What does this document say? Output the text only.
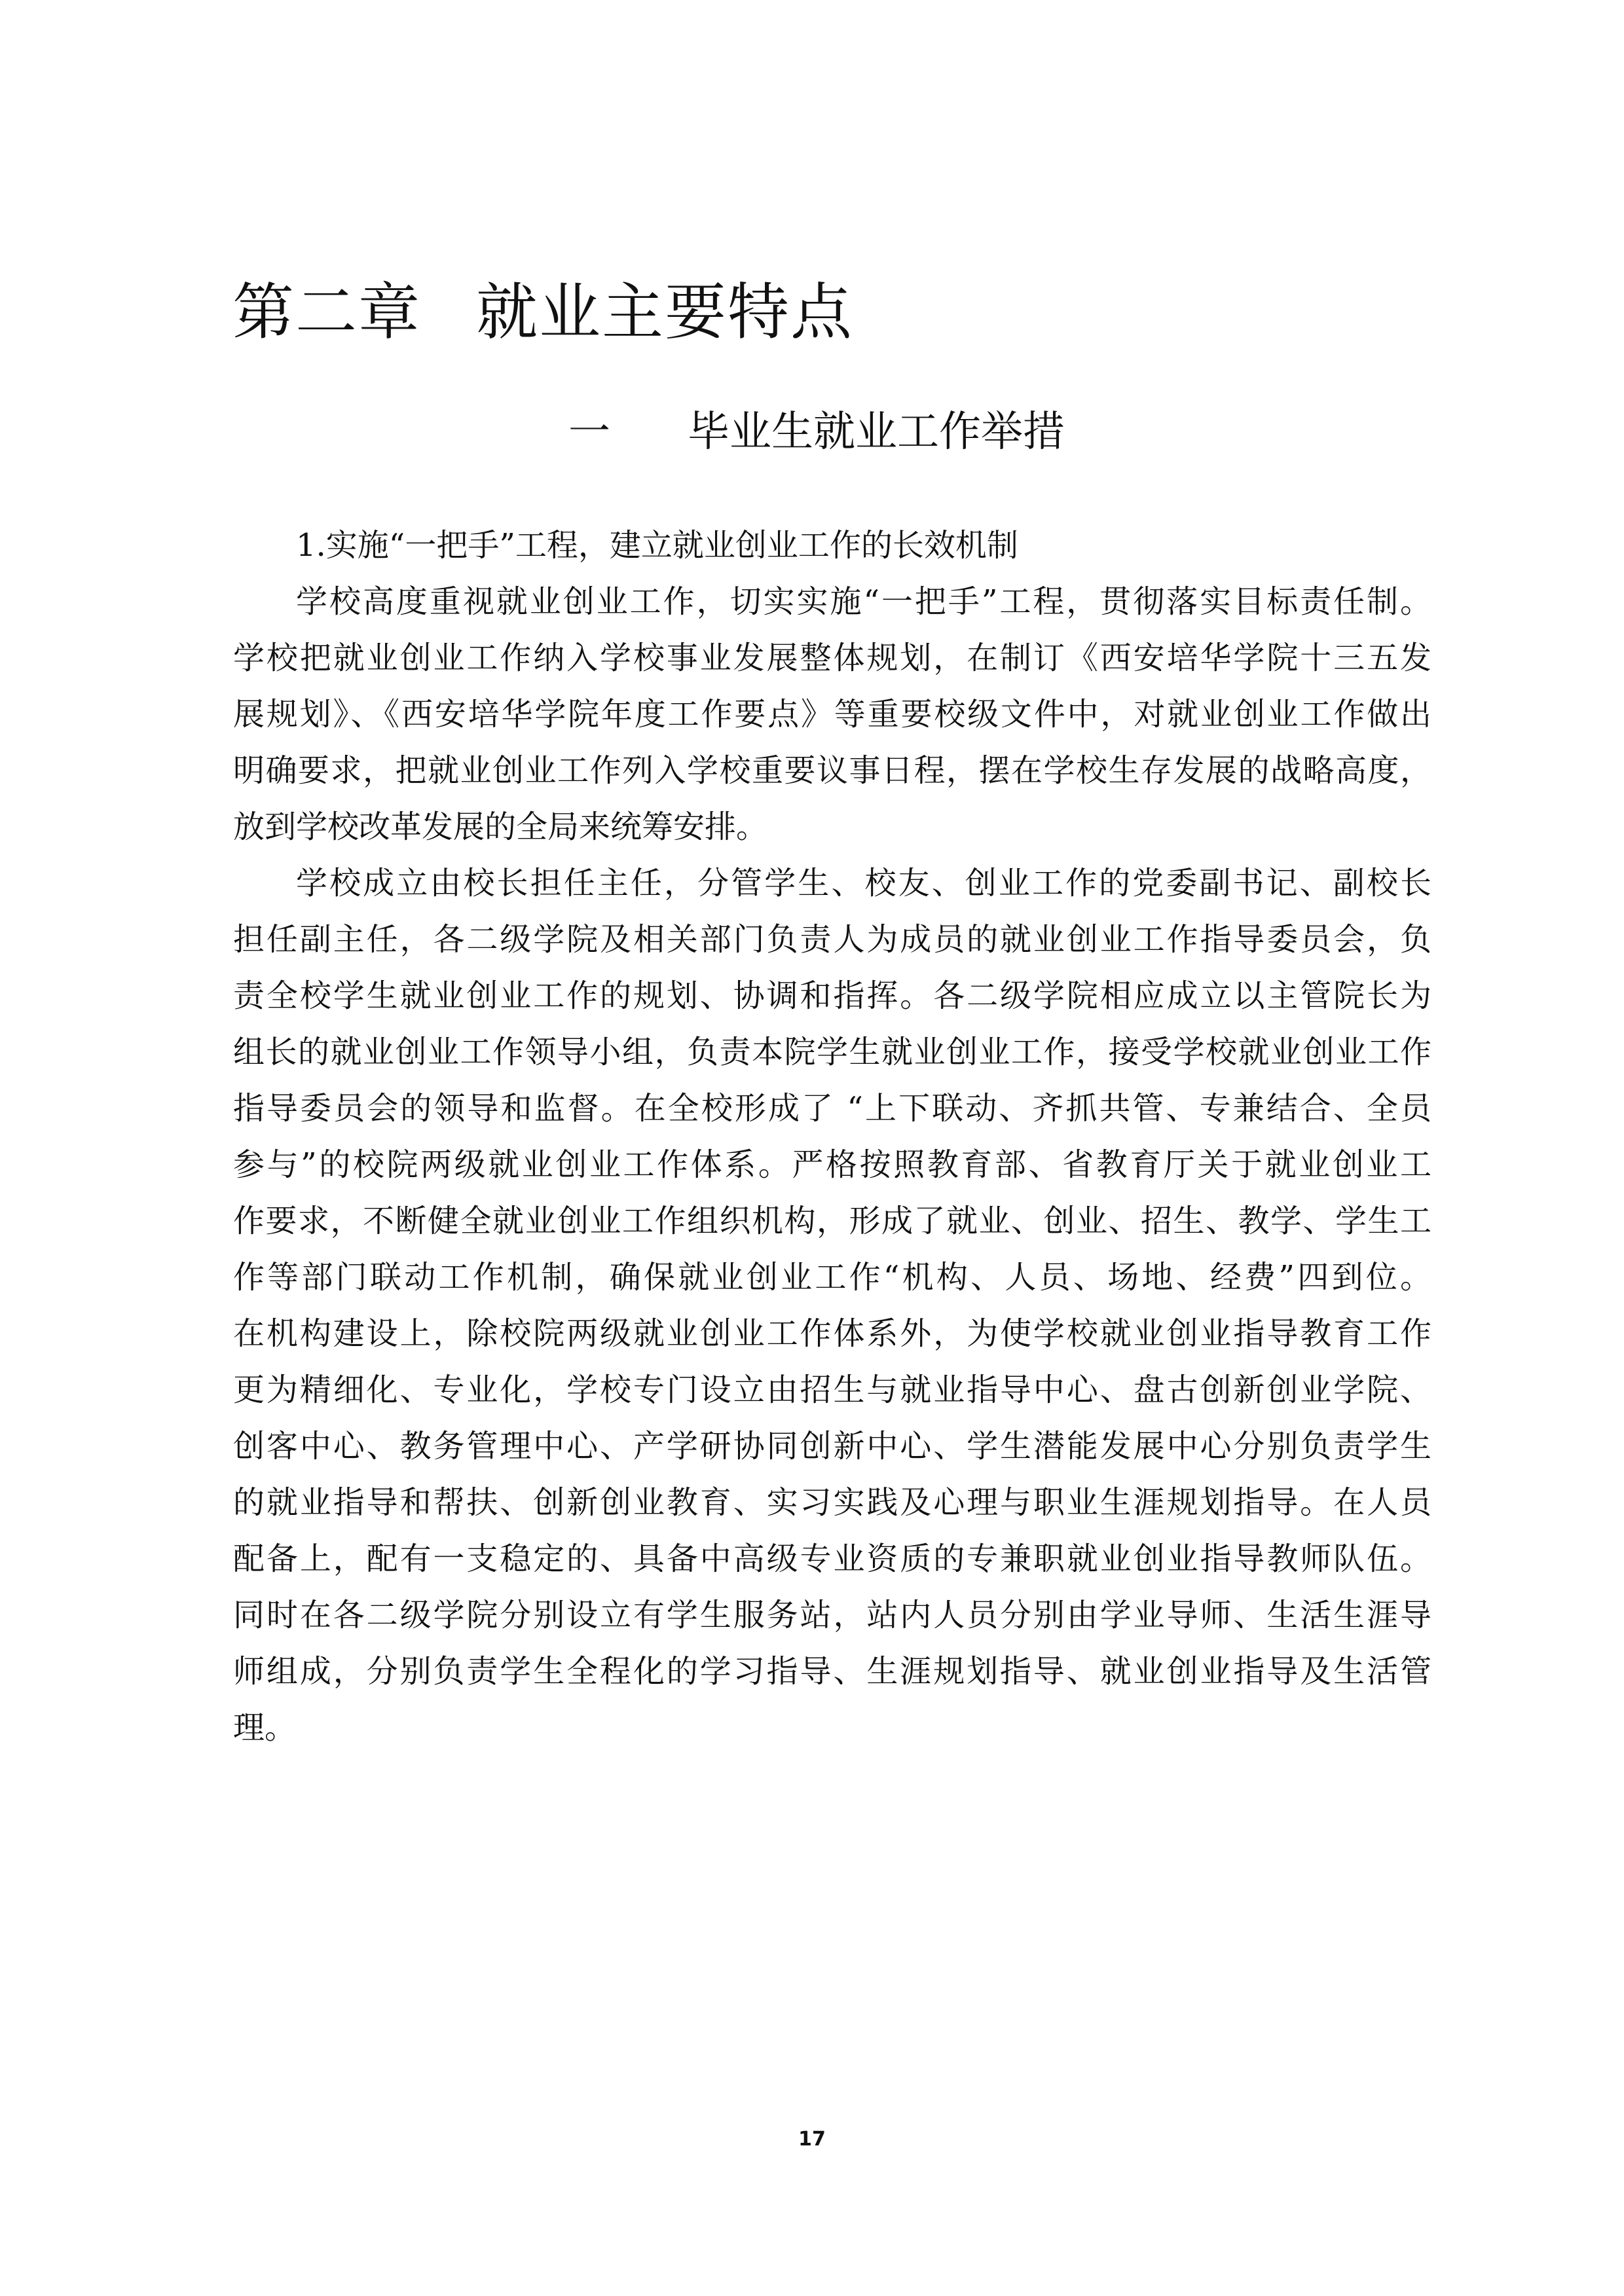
第二章 就业主要特点
一 毕业生就业工作举措
1.实施“一把手”工程，建立就业创业工作的长效机制
学校高度重视就业创业工作，切实实施“一把手”工程，贯彻落实目标责任制。
学校把就业创业工作纳入学校事业发展整体规划，在制订《西安培华学院十三五发
展规划》、《西安培华学院年度工作要点》等重要校级文件中，对就业创业工作做出
明确要求，把就业创业工作列入学校重要议事日程，摆在学校生存发展的战略高度，
放到学校改革发展的全局来统筹安排。
学校成立由校长担任主任，分管学生、校友、创业工作的党委副书记、副校长
担任副主任，各二级学院及相关部门负责人为成员的就业创业工作指导委员会，负
责全校学生就业创业工作的规划、协调和指挥。各二级学院相应成立以主管院长为
组长的就业创业工作领导小组，负责本院学生就业创业工作，接受学校就业创业工作
指导委员会的领导和监督。在全校形成了 “上下联动、齐抓共管、专兼结合、全员
参与”的校院两级就业创业工作体系。严格按照教育部、省教育厅关于就业创业工
作要求，不断健全就业创业工作组织机构，形成了就业、创业、招生、教学、学生工
作等部门联动工作机制，确保就业创业工作“机构、人员、场地、经费”四到位。
在机构建设上，除校院两级就业创业工作体系外，为使学校就业创业指导教育工作
更为精细化、专业化，学校专门设立由招生与就业指导中心、盘古创新创业学院、
创客中心、教务管理中心、产学研协同创新中心、学生潜能发展中心分别负责学生
的就业指导和帮扶、创新创业教育、实习实践及心理与职业生涯规划指导。在人员
配备上，配有一支稳定的、具备中高级专业资质的专兼职就业创业指导教师队伍。
同时在各二级学院分别设立有学生服务站，站内人员分别由学业导师、生活生涯导
师组成，分别负责学生全程化的学习指导、生涯规划指导、就业创业指导及生活管
理。
17
